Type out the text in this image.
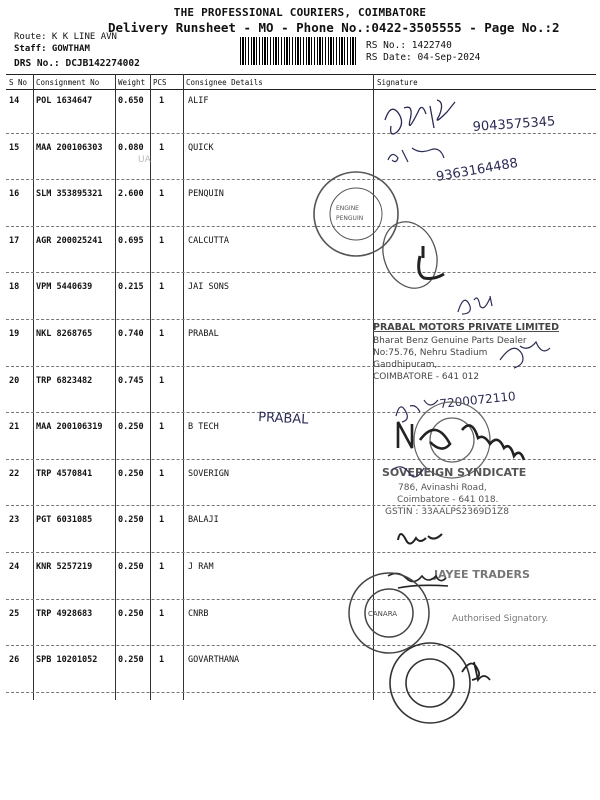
THE PROFESSIONAL COURIERS, COIMBATORE
Delivery Runsheet - MO - Phone No.:0422-3505555 - Page No.:2
Route: K K LINE AVN
Staff: GOWTHAM
DRS No.: DCJB142274002
RS No.: 1422740
RS Date: 04-Sep-2024
S No Consignment No	Weight PCS	Consignee Details	Signature
14 POL 1634647	0.650 1	ALIF
15 MAA 200106303 0.080 1	QUICK
16 SLM 353895321 2.600 1	PENQUIN
17 AGR 200025241 0.695 1	CALCUTTA
18 VPM 5440639	0.215 1	JAI SONS
19 NKL 8268765	0.740 1	PRABAL
20 TRP 6823482	0.745 1
21 MAA 200106319 0.250 1	B TECH
22 TRP 4570841	0.250 1	SOVERIGN
23 PGT 6031085	0.250 1	BALAJI
24 KNR 5257219	0.250 1	J RAM
25 TRP 4928683	0.250 1	CNRB
26 SPB 10201052 0.250 1	GOVARTHANA
9043575345
9363164488
UA
ENGINE
PENGUIN
PRABAL MOTORS PRIVATE LIMITED
Bharat Benz Genuine Parts Dealer
No:75.76, Nehru Stadium
Gandhipuram,
COIMBATORE - 641 012
PRABAL
7200072110
SOVEREIGN SYNDICATE
786, Avinashi Road,
Coimbatore - 641 018.
GSTIN : 33AALPS2369D1Z8
JAYEE TRADERS
Authorised Signatory.
CANARA
